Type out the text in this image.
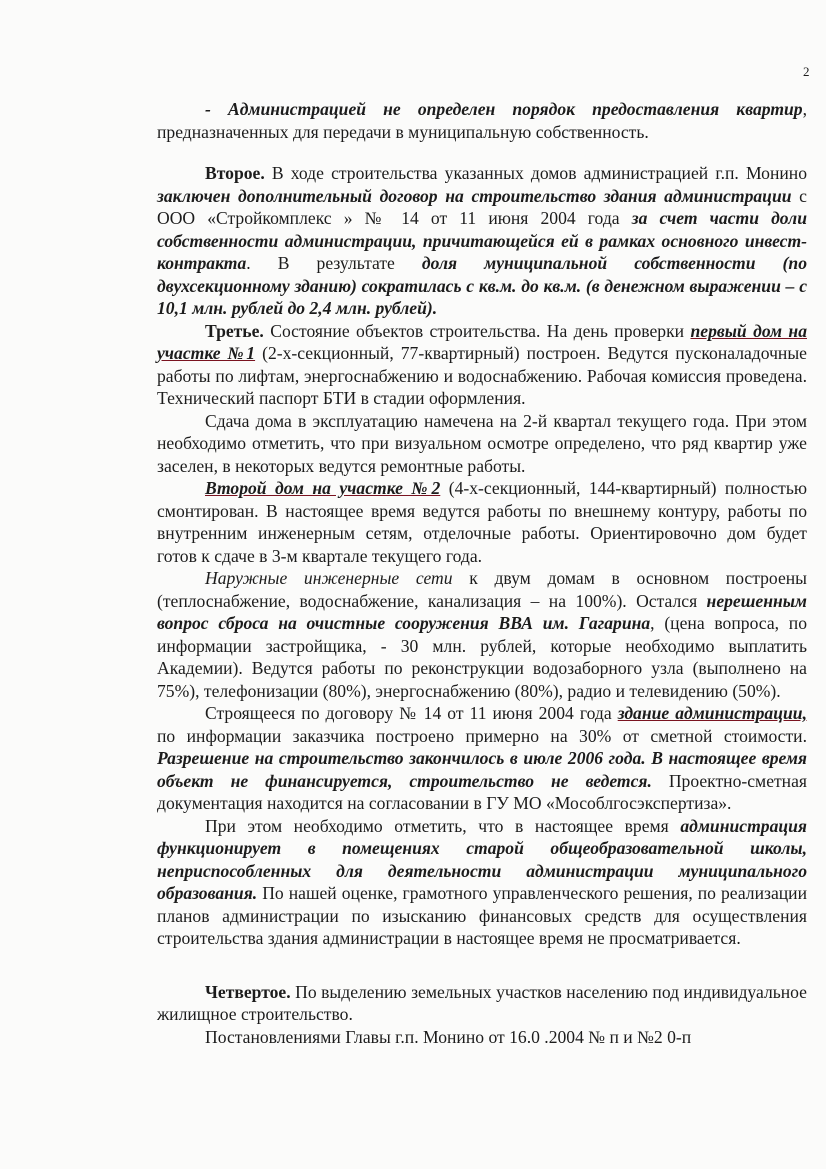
2

- Администрацией не определен порядок предоставления квартир, предназначенных для передачи в муниципальную собственность.

Второе. В ходе строительства указанных домов администрацией г.п. Монино заключен дополнительный договор на строительство здания администрации с ООО «Стройкомплекс » № 14 от 11 июня 2004 года за счет части доли собственности администрации, причитающейся ей в рамках основного инвест-контракта. В результате доля муниципальной собственности (по двухсекционному зданию) сократилась с кв.м. до кв.м. (в денежном выражении – с 10,1 млн. рублей до 2,4 млн. рублей).

Третье. Состояние объектов строительства. На день проверки первый дом на участке №1 (2-х-секционный, 77-квартирный) построен. Ведутся пусконаладочные работы по лифтам, энергоснабжению и водоснабжению. Рабочая комиссия проведена. Технический паспорт БТИ в стадии оформления.

Сдача дома в эксплуатацию намечена на 2-й квартал текущего года. При этом необходимо отметить, что при визуальном осмотре определено, что ряд квартир уже заселен, в некоторых ведутся ремонтные работы.

Второй дом на участке №2 (4-х-секционный, 144-квартирный) полностью смонтирован. В настоящее время ведутся работы по внешнему контуру, работы по внутренним инженерным сетям, отделочные работы. Ориентировочно дом будет готов к сдаче в 3-м квартале текущего года.

Наружные инженерные сети к двум домам в основном построены (теплоснабжение, водоснабжение, канализация – на 100%). Остался нерешенным вопрос сброса на очистные сооружения ВВА им. Гагарина, (цена вопроса, по информации застройщика, - 30 млн. рублей, которые необходимо выплатить Академии). Ведутся работы по реконструкции водозаборного узла (выполнено на 75%), телефонизации (80%), энергоснабжению (80%), радио и телевидению (50%).

Строящееся по договору № 14 от 11 июня 2004 года здание администрации, по информации заказчика построено примерно на 30% от сметной стоимости. Разрешение на строительство закончилось в июле 2006 года. В настоящее время объект не финансируется, строительство не ведется. Проектно-сметная документация находится на согласовании в ГУ МО «Мособлгосэкспертиза».

При этом необходимо отметить, что в настоящее время администрация функционирует в помещениях старой общеобразовательной школы, неприспособленных для деятельности администрации муниципального образования. По нашей оценке, грамотного управленческого решения, по реализации планов администрации по изысканию финансовых средств для осуществления строительства здания администрации в настоящее время не просматривается.

Четвертое. По выделению земельных участков населению под индивидуальное жилищное строительство.

Постановлениями Главы г.п. Монино от 16.0 .2004 № п и №2 0-п
